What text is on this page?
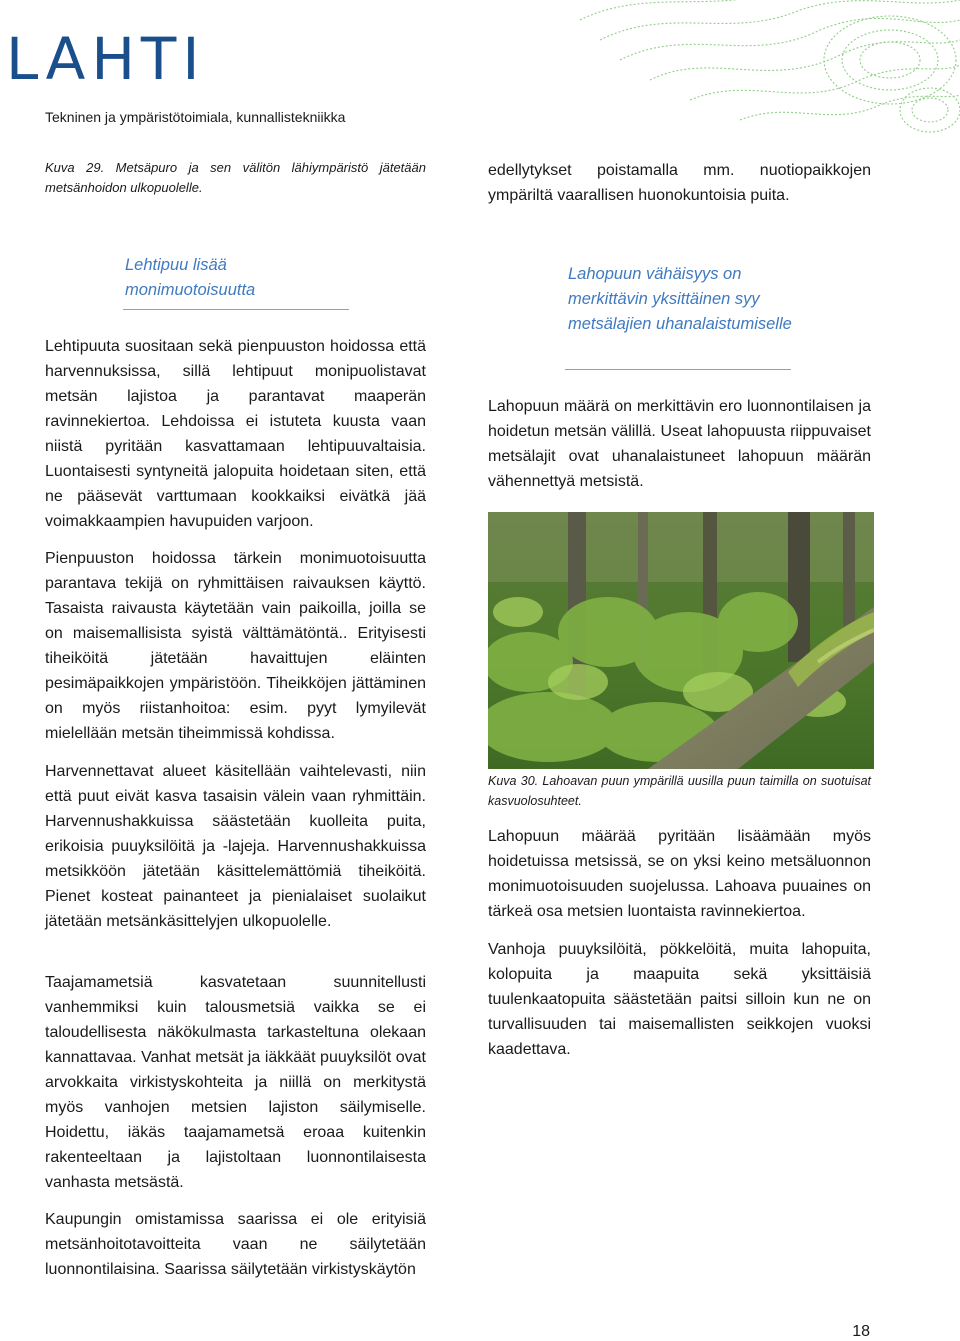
LAHTI
Tekninen ja ympäristötoimiala, kunnallistekniikka
Kuva 29. Metsäpuro ja sen välitön lähiympäristö jätetään metsänhoidon ulkopuolelle.
Lehtipuu lisää monimuotoisuutta

Lehtipuuta suositaan sekä pienpuuston hoidossa että harvennuksissa, sillä lehtipuut monipuolistavat metsän lajistoa ja parantavat maaperän ravinnekiertoa. Lehdoissa ei istuteta kuusta vaan niistä pyritään kasvattamaan lehtipuuvaltaisia. Luontaisesti syntyneitä jalopuita hoidetaan siten, että ne pääsevät varttumaan kookkaiksi eivätkä jää voimakkaampien havupuiden varjoon.

Pienpuuston hoidossa tärkein monimuotoisuutta parantava tekijä on ryhmittäisen raivauksen käyttö. Tasaista raivausta käytetään vain paikoilla, joilla se on maisemallisista syistä välttämätöntä.. Erityisesti tiheiköitä jätetään havaittujen eläinten pesimäpaikkojen ympäristöön. Tiheikköjen jättäminen on myös riistanhoitoa: esim. pyyt lymyilevät mielellään metsän tiheimmissä kohdissa.

Harvennettavat alueet käsitellään vaihtelevasti, niin että puut eivät kasva tasaisin välein vaan ryhmittäin. Harvennushakkuissa säästetään kuolleita puita, erikoisia puuyksilöitä ja -lajeja. Harvennushakkuissa metsikköön jätetään käsittelemättömiä tiheiköitä. Pienet kosteat painanteet ja pienialaiset suolaikut jätetään metsänkäsittelyjen ulkopuolelle.

Taajamametsiä kasvatetaan suunnitellusti vanhemmiksi kuin talousmetsiä vaikka se ei taloudellisesta näkökulmasta tarkasteltuna olekaan kannattavaa. Vanhat metsät ja iäkkäät puuyksilöt ovat arvokkaita virkistyskohteita ja niillä on merkitystä myös vanhojen metsien lajiston säilymiselle. Hoidettu, iäkäs taajamametsä eroaa kuitenkin rakenteeltaan ja lajistoltaan luonnontilaisesta vanhasta metsästä.

Kaupungin omistamissa saarissa ei ole erityisiä metsänhoitotavoitteita vaan ne säilytetään luonnontilaisina. Saarissa säilytetään virkistyskäytön

edellytykset poistamalla mm. nuotiopaikkojen ympäriltä vaarallisen huonokuntoisia puita.

Lahopuun vähäisyys on merkittävin yksittäinen syy metsälajien uhanalaistumiselle

Lahopuun määrä on merkittävin ero luonnontilaisen ja hoidetun metsän välillä. Useat lahopuusta riippuvaiset metsälajit ovat uhanalaistuneet lahopuun määrän vähennettyä metsistä.

Kuva 30. Lahoavan puun ympärillä uusilla puun taimilla on suotuisat kasvuolosuhteet.

Lahopuun määrää pyritään lisäämään myös hoidetuissa metsissä, se on yksi keino metsäluonnon monimuotoisuuden suojelussa. Lahoava puuaines on tärkeä osa metsien luontaista ravinnekiertoa.

Vanhoja puuyksilöitä, pökkelöitä, muita lahopuita, kolopuita ja maapuita sekä yksittäisiä tuulenkaatopuita säästetään paitsi silloin kun ne on turvallisuuden tai maisemallisten seikkojen vuoksi kaadettava.

18
